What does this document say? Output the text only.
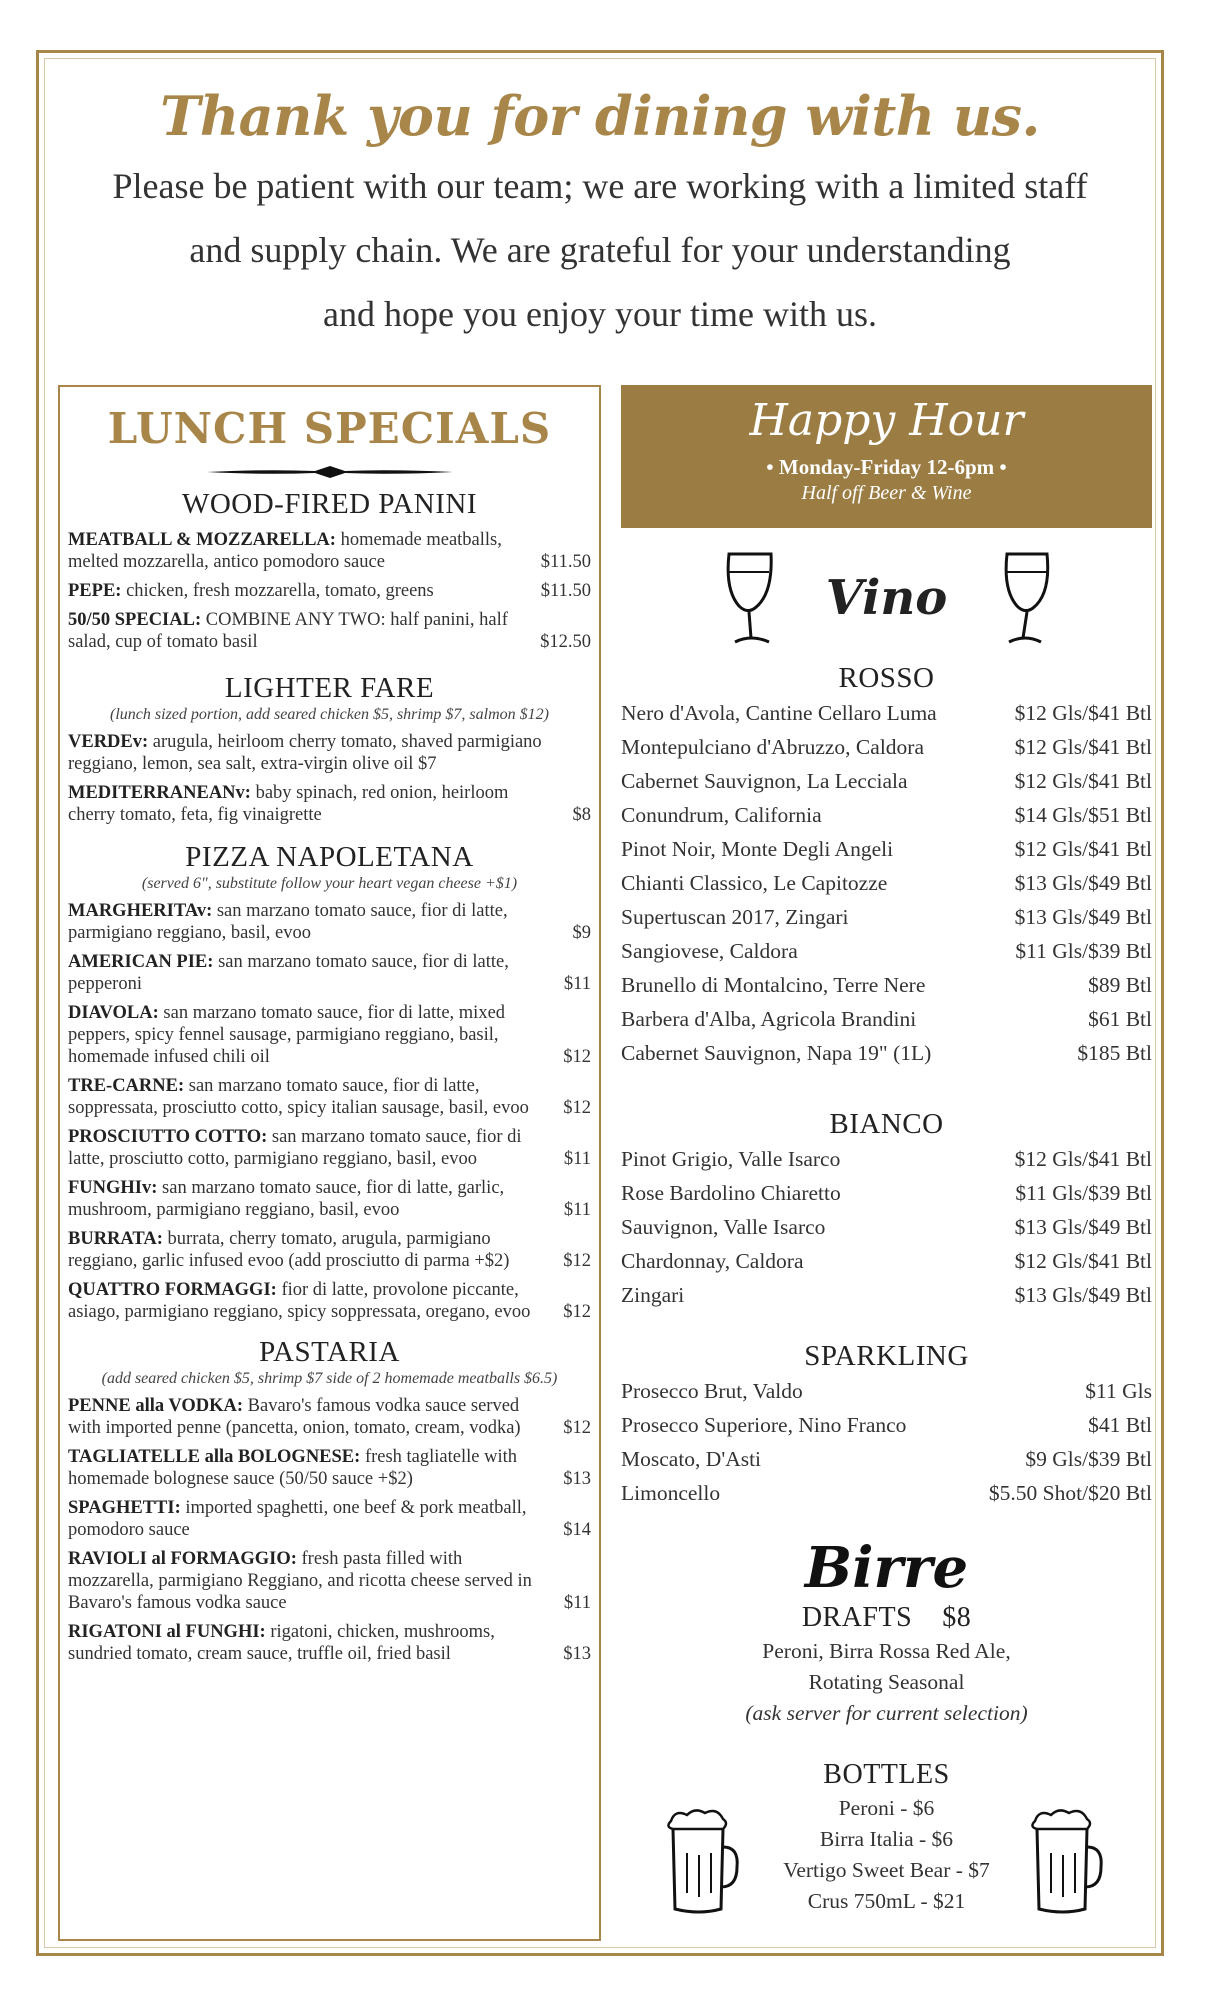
Thank you for dining with us.
Please be patient with our team; we are working with a limited staff
and supply chain. We are grateful for your understanding
and hope you enjoy your time with us.
LUNCH SPECIALS
WOOD-FIRED PANINI
MEATBALL & MOZZARELLA: homemade meatballs, melted mozzarella, antico pomodoro sauce	$11.50
PEPE: chicken, fresh mozzarella, tomato, greens	$11.50
50/50 SPECIAL: COMBINE ANY TWO: half panini, half salad, cup of tomato basil	$12.50
LIGHTER FARE
(lunch sized portion, add seared chicken $5, shrimp $7, salmon $12)
VERDEv: arugula, heirloom cherry tomato, shaved parmigiano reggiano, lemon, sea salt, extra-virgin olive oil $7
MEDITERRANEANv: baby spinach, red onion, heirloom cherry tomato, feta, fig vinaigrette	$8
PIZZA NAPOLETANA
(served 6", substitute follow your heart vegan cheese +$1)
MARGHERITAv: san marzano tomato sauce, fior di latte, parmigiano reggiano, basil, evoo	$9
AMERICAN PIE: san marzano tomato sauce, fior di latte, pepperoni	$11
DIAVOLA: san marzano tomato sauce, fior di latte, mixed peppers, spicy fennel sausage, parmigiano reggiano, basil, homemade infused chili oil	$12
TRE-CARNE: san marzano tomato sauce, fior di latte, soppressata, prosciutto cotto, spicy italian sausage, basil, evoo $12
PROSCIUTTO COTTO: san marzano tomato sauce, fior di latte, prosciutto cotto, parmigiano reggiano, basil, evoo	$11
FUNGHIv: san marzano tomato sauce, fior di latte, garlic, mushroom, parmigiano reggiano, basil, evoo	$11
BURRATA: burrata, cherry tomato, arugula, parmigiano reggiano, garlic infused evoo (add prosciutto di parma +$2)	$12
QUATTRO FORMAGGI: fior di latte, provolone piccante, asiago, parmigiano reggiano, spicy soppressata, oregano, evoo $12
PASTARIA
(add seared chicken $5, shrimp $7 side of 2 homemade meatballs $6.5)
PENNE alla VODKA: Bavaro's famous vodka sauce served with imported penne (pancetta, onion, tomato, cream, vodka) $12
TAGLIATELLE alla BOLOGNESE: fresh tagliatelle with homemade bolognese sauce (50/50 sauce +$2)	$13
SPAGHETTI: imported spaghetti, one beef & pork meatball, pomodoro sauce	$14
RAVIOLI al FORMAGGIO: fresh pasta filled with mozzarella, parmigiano Reggiano, and ricotta cheese served in Bavaro's famous vodka sauce	$11
RIGATONI al FUNGHI: rigatoni, chicken, mushrooms, sundried tomato, cream sauce, truffle oil, fried basil	$13
Happy Hour
• Monday-Friday 12-6pm •
Half off Beer & Wine
Vino
ROSSO
Nero d'Avola, Cantine Cellaro Luma	$12 Gls/$41 Btl
Montepulciano d'Abruzzo, Caldora	$12 Gls/$41 Btl
Cabernet Sauvignon, La Lecciala	$12 Gls/$41 Btl
Conundrum, California	$14 Gls/$51 Btl
Pinot Noir, Monte Degli Angeli	$12 Gls/$41 Btl
Chianti Classico, Le Capitozze	$13 Gls/$49 Btl
Supertuscan 2017, Zingari	$13 Gls/$49 Btl
Sangiovese, Caldora	$11 Gls/$39 Btl
Brunello di Montalcino, Terre Nere	$89 Btl
Barbera d'Alba, Agricola Brandini	$61 Btl
Cabernet Sauvignon, Napa 19" (1L)	$185 Btl
BIANCO
Pinot Grigio, Valle Isarco	$12 Gls/$41 Btl
Rose Bardolino Chiaretto	$11 Gls/$39 Btl
Sauvignon, Valle Isarco	$13 Gls/$49 Btl
Chardonnay, Caldora	$12 Gls/$41 Btl
Zingari	$13 Gls/$49 Btl
SPARKLING
Prosecco Brut, Valdo	$11 Gls
Prosecco Superiore, Nino Franco	$41 Btl
Moscato, D'Asti	$9 Gls/$39 Btl
Limoncello	$5.50 Shot/$20 Btl
Birre
DRAFTS $8
Peroni, Birra Rossa Red Ale,
Rotating Seasonal
(ask server for current selection)
BOTTLES
Peroni - $6
Birra Italia - $6
Vertigo Sweet Bear - $7
Crus 750mL - $21
